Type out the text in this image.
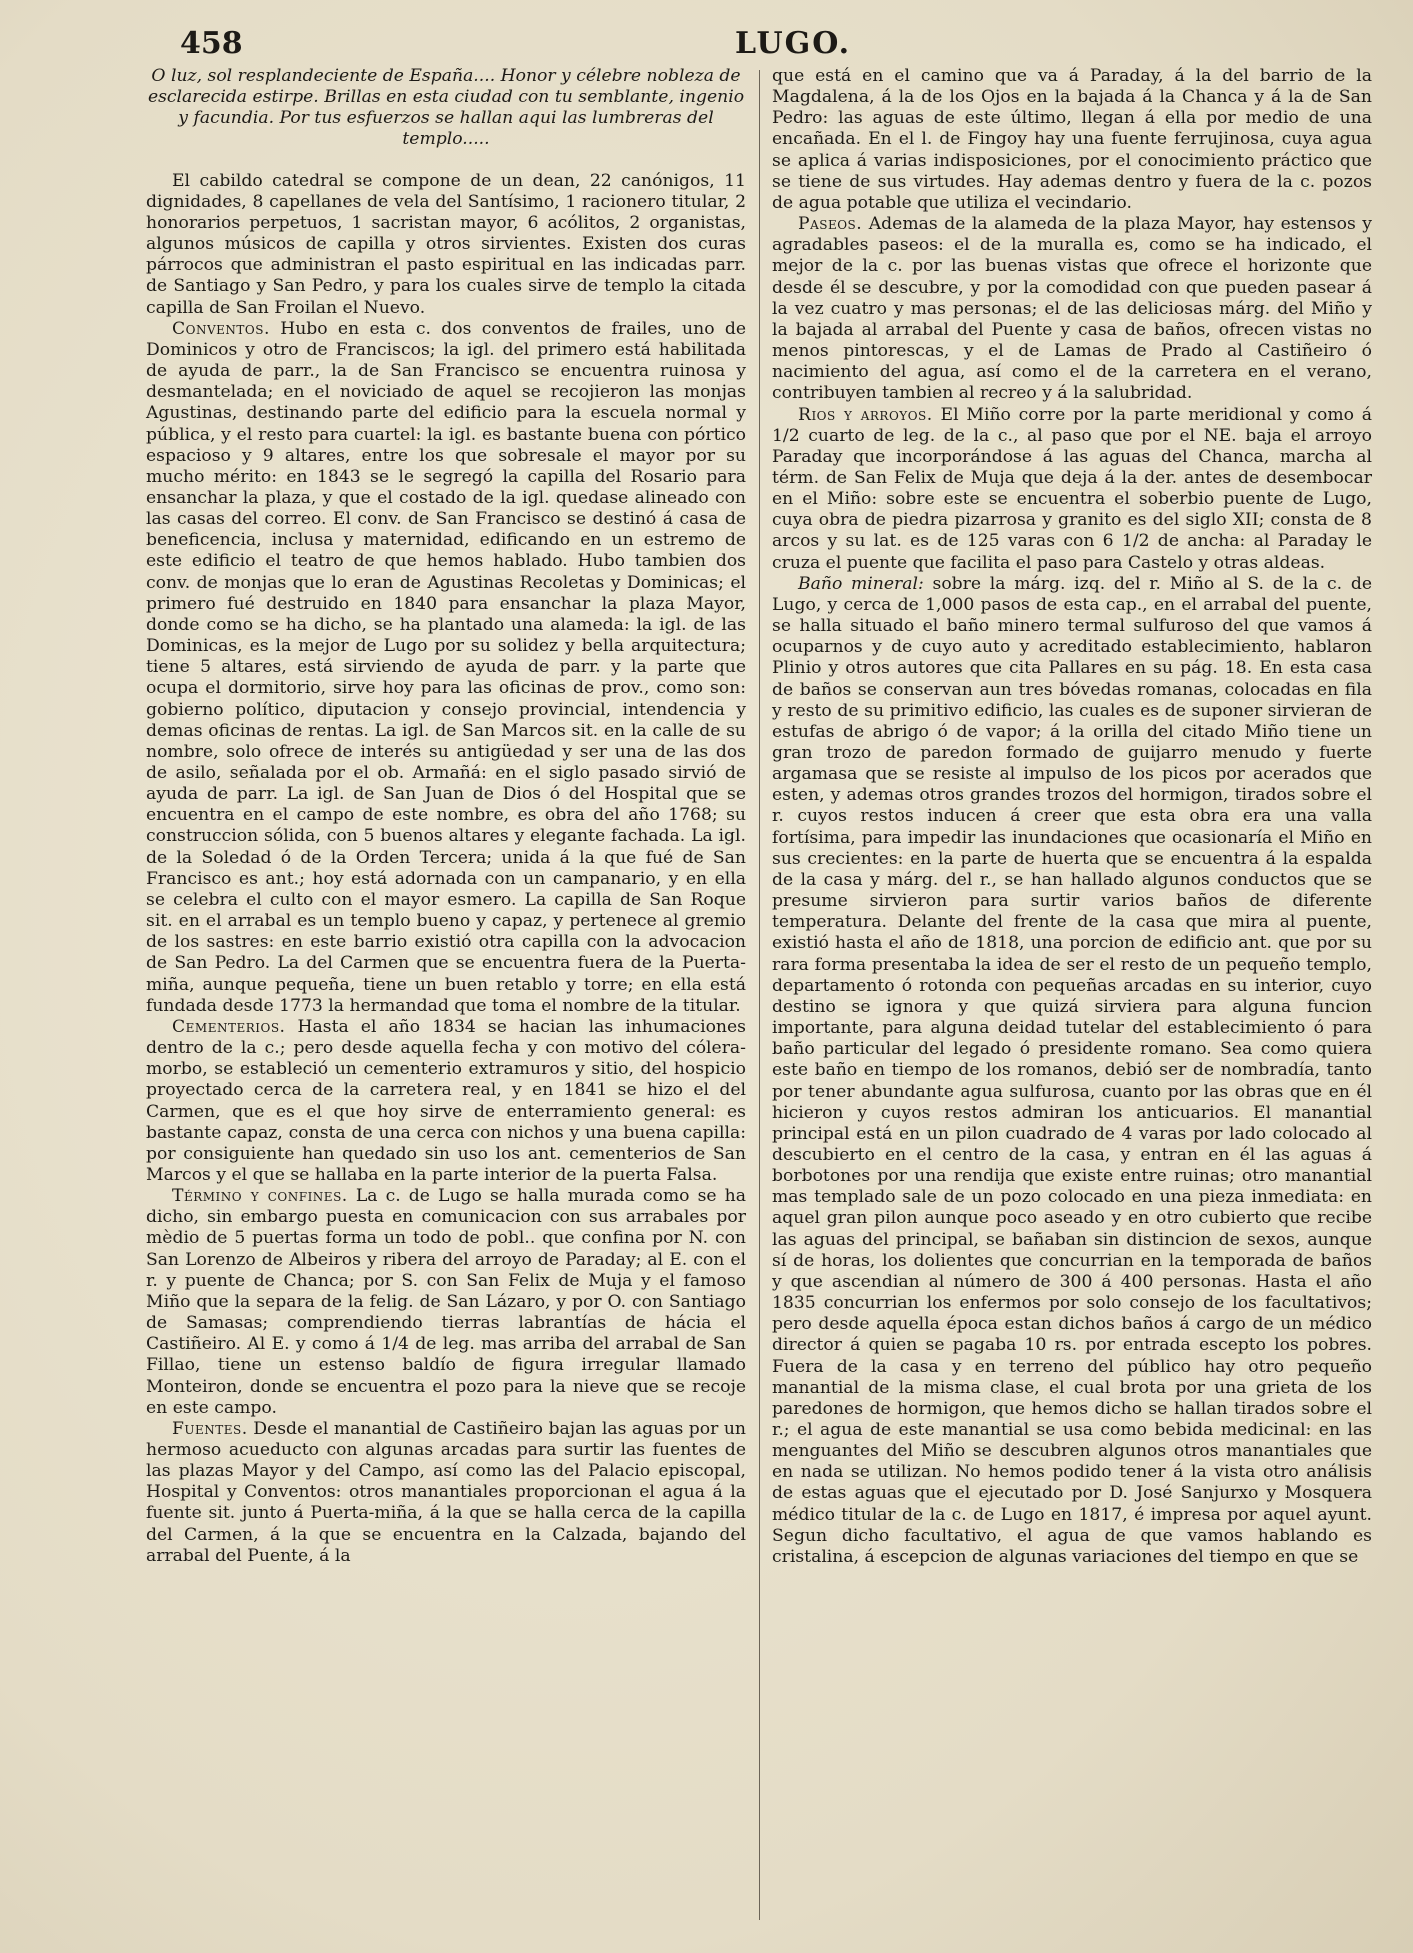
458	LUGO.

O luz, sol resplandeciente de España.... Honor y célebre nobleza de esclarecida estirpe. Brillas en esta ciudad con tu semblante, ingenio y facundia. Por tus esfuerzos se hallan aqui las lumbreras del templo.....

El cabildo catedral se compone de un dean, 22 canónigos, 11 dignidades, 8 capellanes de vela del Santísimo, 1 racionero titular, 2 honorarios perpetuos, 1 sacristan mayor, 6 acólitos, 2 organistas, algunos músicos de capilla y otros sirvientes. Existen dos curas párrocos que administran el pasto espiritual en las indicadas parr. de Santiago y San Pedro, y para los cuales sirve de templo la citada capilla de San Froilan el Nuevo.

Conventos. Hubo en esta c. dos conventos de frailes, uno de Dominicos y otro de Franciscos; la igl. del primero está habilitada de ayuda de parr., la de San Francisco se encuentra ruinosa y desmantelada; en el noviciado de aquel se recojieron las monjas Agustinas, destinando parte del edificio para la escuela normal y pública, y el resto para cuartel: la igl. es bastante buena con pórtico espacioso y 9 altares, entre los que sobresale el mayor por su mucho mérito: en 1843 se le segregó la capilla del Rosario para ensanchar la plaza, y que el costado de la igl. quedase alineado con las casas del correo. El conv. de San Francisco se destinó á casa de beneficencia, inclusa y maternidad, edificando en un estremo de este edificio el teatro de que hemos hablado. Hubo tambien dos conv. de monjas que lo eran de Agustinas Recoletas y Dominicas; el primero fué destruido en 1840 para ensanchar la plaza Mayor, donde como se ha dicho, se ha plantado una alameda: la igl. de las Dominicas, es la mejor de Lugo por su solidez y bella arquitectura; tiene 5 altares, está sirviendo de ayuda de parr. y la parte que ocupa el dormitorio, sirve hoy para las oficinas de prov., como son: gobierno político, diputacion y consejo provincial, intendencia y demas oficinas de rentas. La igl. de San Marcos sit. en la calle de su nombre, solo ofrece de interés su antigüedad y ser una de las dos de asilo, señalada por el ob. Armañá: en el siglo pasado sirvió de ayuda de parr. La igl. de San Juan de Dios ó del Hospital que se encuentra en el campo de este nombre, es obra del año 1768; su construccion sólida, con 5 buenos altares y elegante fachada. La igl. de la Soledad ó de la Orden Tercera; unida á la que fué de San Francisco es ant.; hoy está adornada con un campanario, y en ella se celebra el culto con el mayor esmero. La capilla de San Roque sit. en el arrabal es un templo bueno y capaz, y pertenece al gremio de los sastres: en este barrio existió otra capilla con la advocacion de San Pedro. La del Carmen que se encuentra fuera de la Puerta-miña, aunque pequeña, tiene un buen retablo y torre; en ella está fundada desde 1773 la hermandad que toma el nombre de la titular.

Cementerios. Hasta el año 1834 se hacian las inhumaciones dentro de la c.; pero desde aquella fecha y con motivo del cólera-morbo, se estableció un cementerio extramuros y sitio, del hospicio proyectado cerca de la carretera real, y en 1841 se hizo el del Carmen, que es el que hoy sirve de enterramiento general: es bastante capaz, consta de una cerca con nichos y una buena capilla: por consiguiente han quedado sin uso los ant. cementerios de San Marcos y el que se hallaba en la parte interior de la puerta Falsa.

Término y confines. La c. de Lugo se halla murada como se ha dicho, sin embargo puesta en comunicacion con sus arrabales por mèdio de 5 puertas forma un todo de pobl.. que confina por N. con San Lorenzo de Albeiros y ribera del arroyo de Paraday; al E. con el r. y puente de Chanca; por S. con San Felix de Muja y el famoso Miño que la separa de la felig. de San Lázaro, y por O. con Santiago de Samasas; comprendiendo tierras labrantías de hácia el Castiñeiro. Al E. y como á 1/4 de leg. mas arriba del arrabal de San Fillao, tiene un estenso baldío de figura irregular llamado Monteiron, donde se encuentra el pozo para la nieve que se recoje en este campo.

Fuentes. Desde el manantial de Castiñeiro bajan las aguas por un hermoso acueducto con algunas arcadas para surtir las fuentes de las plazas Mayor y del Campo, así como las del Palacio episcopal, Hospital y Conventos: otros manantiales proporcionan el agua á la fuente sit. junto á Puerta-miña, á la que se halla cerca de la capilla del Carmen, á la que se encuentra en la Calzada, bajando del arrabal del Puente, á la

que está en el camino que va á Paraday, á la del barrio de la Magdalena, á la de los Ojos en la bajada á la Chanca y á la de San Pedro: las aguas de este último, llegan á ella por medio de una encañada. En el l. de Fingoy hay una fuente ferrujinosa, cuya agua se aplica á varias indisposiciones, por el conocimiento práctico que se tiene de sus virtudes. Hay ademas dentro y fuera de la c. pozos de agua potable que utiliza el vecindario.

Paseos. Ademas de la alameda de la plaza Mayor, hay estensos y agradables paseos: el de la muralla es, como se ha indicado, el mejor de la c. por las buenas vistas que ofrece el horizonte que desde él se descubre, y por la comodidad con que pueden pasear á la vez cuatro y mas personas; el de las deliciosas márg. del Miño y la bajada al arrabal del Puente y casa de baños, ofrecen vistas no menos pintorescas, y el de Lamas de Prado al Castiñeiro ó nacimiento del agua, así como el de la carretera en el verano, contribuyen tambien al recreo y á la salubridad.

Rios y arroyos. El Miño corre por la parte meridional y como á 1/2 cuarto de leg. de la c., al paso que por el NE. baja el arroyo Paraday que incorporándose á las aguas del Chanca, marcha al térm. de San Felix de Muja que deja á la der. antes de desembocar en el Miño: sobre este se encuentra el soberbio puente de Lugo, cuya obra de piedra pizarrosa y granito es del siglo XII; consta de 8 arcos y su lat. es de 125 varas con 6 1/2 de ancha: al Paraday le cruza el puente que facilita el paso para Castelo y otras aldeas.

Baño mineral: sobre la márg. izq. del r. Miño al S. de la c. de Lugo, y cerca de 1,000 pasos de esta cap., en el arrabal del puente, se halla situado el baño minero termal sulfuroso del que vamos á ocuparnos y de cuyo auto y acreditado establecimiento, hablaron Plinio y otros autores que cita Pallares en su pág. 18. En esta casa de baños se conservan aun tres bóvedas romanas, colocadas en fila y resto de su primitivo edificio, las cuales es de suponer sirvieran de estufas de abrigo ó de vapor; á la orilla del citado Miño tiene un gran trozo de paredon formado de guijarro menudo y fuerte argamasa que se resiste al impulso de los picos por acerados que esten, y ademas otros grandes trozos del hormigon, tirados sobre el r. cuyos restos inducen á creer que esta obra era una valla fortísima, para impedir las inundaciones que ocasionaría el Miño en sus crecientes: en la parte de huerta que se encuentra á la espalda de la casa y márg. del r., se han hallado algunos conductos que se presume sirvieron para surtir varios baños de diferente temperatura. Delante del frente de la casa que mira al puente, existió hasta el año de 1818, una porcion de edificio ant. que por su rara forma presentaba la idea de ser el resto de un pequeño templo, departamento ó rotonda con pequeñas arcadas en su interior, cuyo destino se ignora y que quizá sirviera para alguna funcion importante, para alguna deidad tutelar del establecimiento ó para baño particular del legado ó presidente romano. Sea como quiera este baño en tiempo de los romanos, debió ser de nombradía, tanto por tener abundante agua sulfurosa, cuanto por las obras que en él hicieron y cuyos restos admiran los anticuarios. El manantial principal está en un pilon cuadrado de 4 varas por lado colocado al descubierto en el centro de la casa, y entran en él las aguas á borbotones por una rendija que existe entre ruinas; otro manantial mas templado sale de un pozo colocado en una pieza inmediata: en aquel gran pilon aunque poco aseado y en otro cubierto que recibe las aguas del principal, se bañaban sin distincion de sexos, aunque sí de horas, los dolientes que concurrian en la temporada de baños y que ascendian al número de 300 á 400 personas. Hasta el año 1835 concurrian los enfermos por solo consejo de los facultativos; pero desde aquella época estan dichos baños á cargo de un médico director á quien se pagaba 10 rs. por entrada escepto los pobres. Fuera de la casa y en terreno del público hay otro pequeño manantial de la misma clase, el cual brota por una grieta de los paredones de hormigon, que hemos dicho se hallan tirados sobre el r.; el agua de este manantial se usa como bebida medicinal: en las menguantes del Miño se descubren algunos otros manantiales que en nada se utilizan. No hemos podido tener á la vista otro análisis de estas aguas que el ejecutado por D. José Sanjurxo y Mosquera médico titular de la c. de Lugo en 1817, é impresa por aquel ayunt. Segun dicho facultativo, el agua de que vamos hablando es cristalina, á escepcion de algunas variaciones del tiempo en que se
